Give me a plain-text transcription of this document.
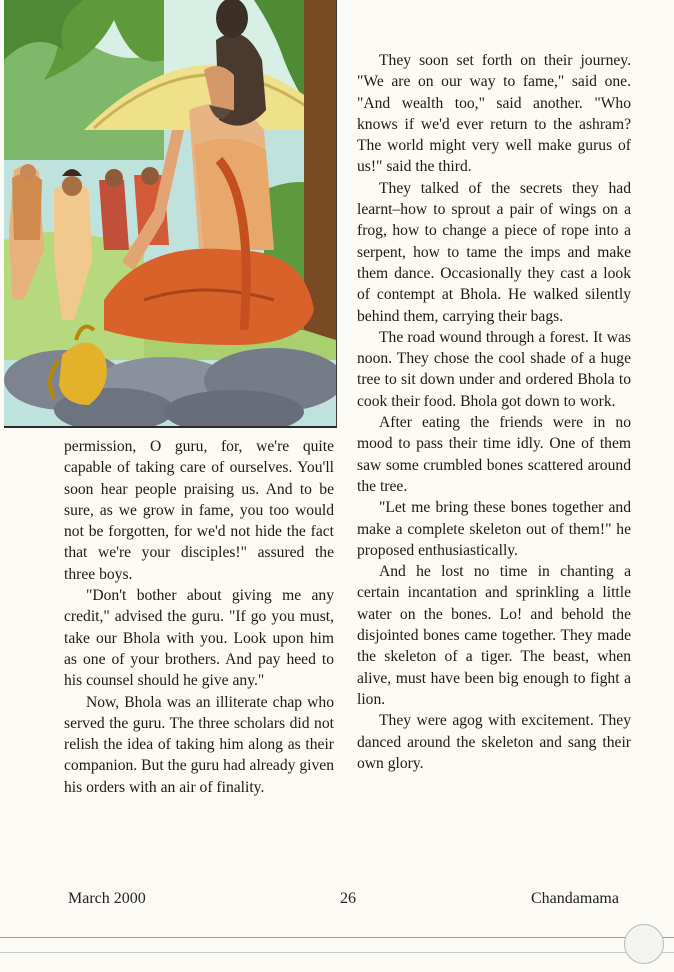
permission, O guru, for, we're quite capable of taking care of ourselves. You'll soon hear people praising us. And to be sure, as we grow in fame, you too would not be forgotten, for we'd not hide the fact that we're your disciples!" assured the three boys.

"Don't bother about giving me any credit," advised the guru. "If go you must, take our Bhola with you. Look upon him as one of your brothers. And pay heed to his counsel should he give any."

Now, Bhola was an illiterate chap who served the guru. The three scholars did not relish the idea of taking him along as their companion. But the guru had already given his orders with an air of finality.

They soon set forth on their journey. "We are on our way to fame," said one. "And wealth too," said another. "Who knows if we'd ever return to the ashram? The world might very well make gurus of us!" said the third.

They talked of the secrets they had learnt–how to sprout a pair of wings on a frog, how to change a piece of rope into a serpent, how to tame the imps and make them dance. Occasionally they cast a look of contempt at Bhola. He walked silently behind them, carrying their bags.

The road wound through a forest. It was noon. They chose the cool shade of a huge tree to sit down under and ordered Bhola to cook their food. Bhola got down to work.

After eating the friends were in no mood to pass their time idly. One of them saw some crumbled bones scattered around the tree.

"Let me bring these bones together and make a complete skeleton out of them!" he proposed enthusiastically.

And he lost no time in chanting a certain incantation and sprinkling a little water on the bones. Lo! and behold the disjointed bones came together. They made the skeleton of a tiger. The beast, when alive, must have been big enough to fight a lion.

They were agog with excitement. They danced around the skeleton and sang their own glory.

March 2000	26	Chandamama
